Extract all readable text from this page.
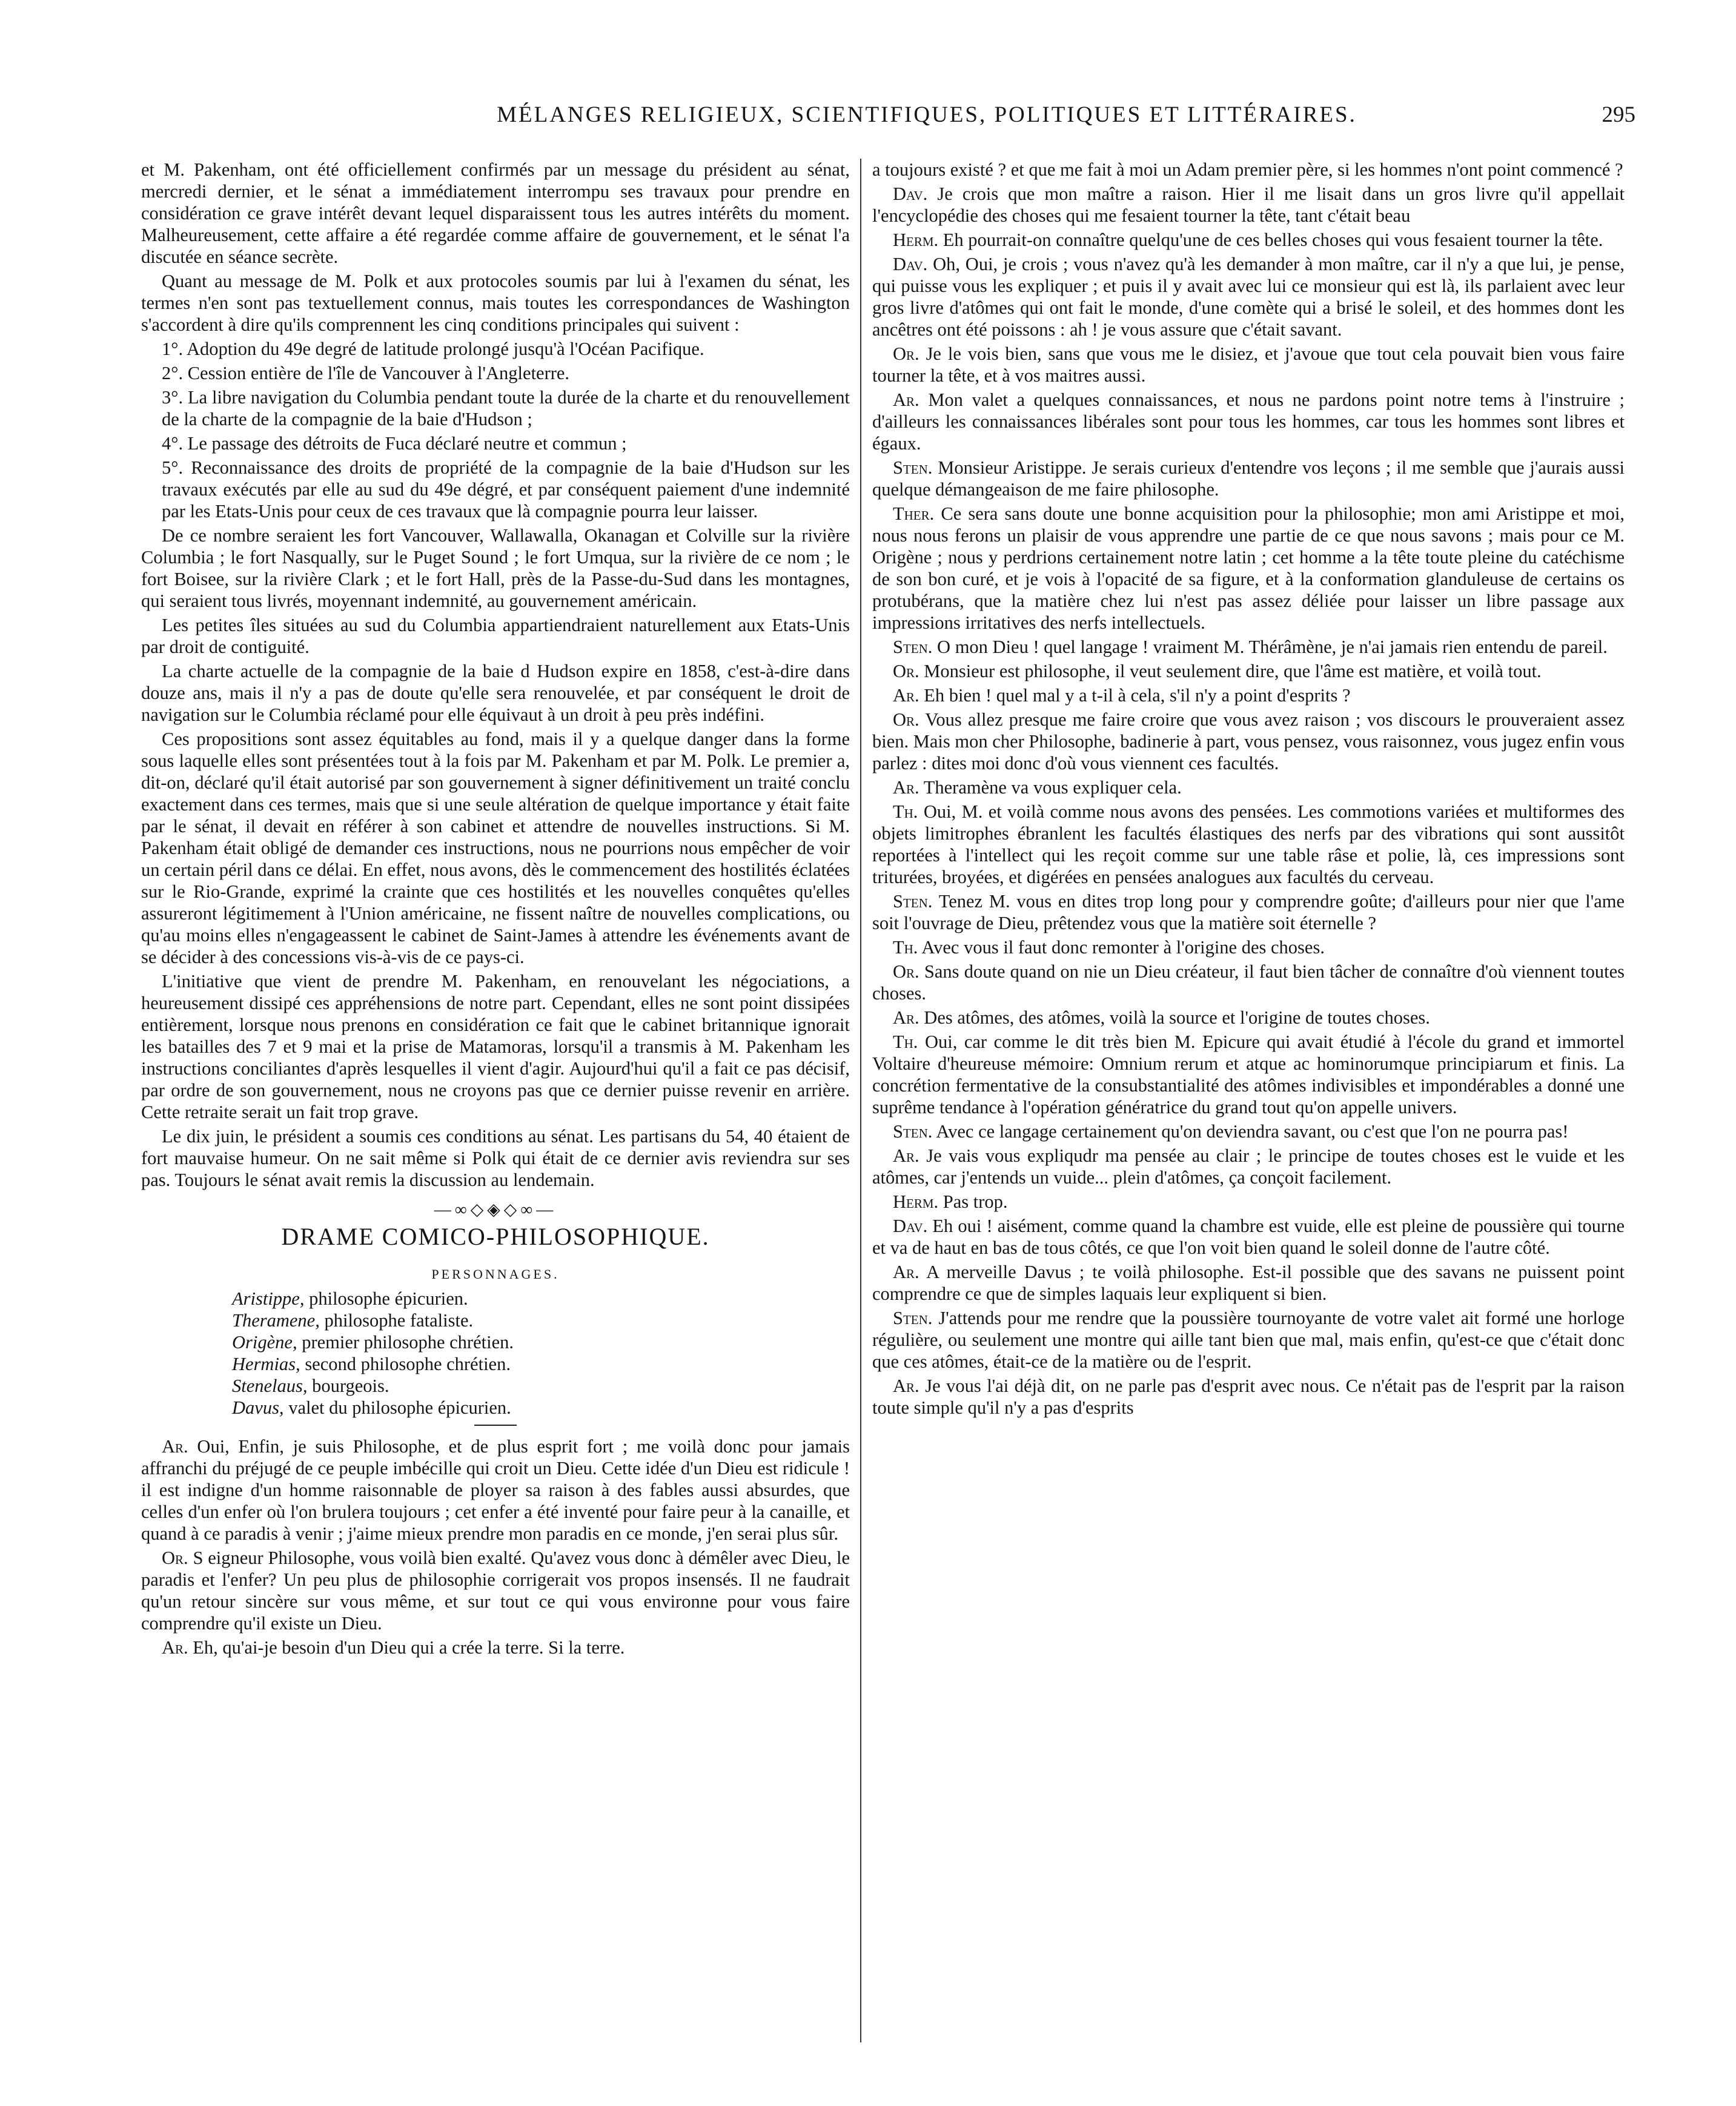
MÉLANGES RELIGIEUX, SCIENTIFIQUES, POLITIQUES ET LITTÉRAIRES.	295

et M. Pakenham, ont été officiellement confirmés par un message du président au sénat, mercredi dernier, et le sénat a immédiatement interrompu ses travaux pour prendre en considération ce grave intérêt devant lequel disparaissent tous les autres intérêts du moment. Malheureusement, cette affaire a été regardée comme affaire de gouvernement, et le sénat l'a discutée en séance secrète.

Quant au message de M. Polk et aux protocoles soumis par lui à l'examen du sénat, les termes n'en sont pas textuellement connus, mais toutes les correspondances de Washington s'accordent à dire qu'ils comprennent les cinq conditions principales qui suivent :

1°. Adoption du 49e degré de latitude prolongé jusqu'à l'Océan Pacifique.

2°. Cession entière de l'île de Vancouver à l'Angleterre.

3°. La libre navigation du Columbia pendant toute la durée de la charte et du renouvellement de la charte de la compagnie de la baie d'Hudson ;

4°. Le passage des détroits de Fuca déclaré neutre et commun ;

5°. Reconnaissance des droits de propriété de la compagnie de la baie d'Hudson sur les travaux exécutés par elle au sud du 49e dégré, et par conséquent paiement d'une indemnité par les Etats-Unis pour ceux de ces travaux que là compagnie pourra leur laisser.

De ce nombre seraient les fort Vancouver, Wallawalla, Okanagan et Colville sur la rivière Columbia ; le fort Nasqually, sur le Puget Sound ; le fort Umqua, sur la rivière de ce nom ; le fort Boisee, sur la rivière Clark ; et le fort Hall, près de la Passe-du-Sud dans les montagnes, qui seraient tous livrés, moyennant indemnité, au gouvernement américain.

Les petites îles situées au sud du Columbia appartiendraient naturellement aux Etats-Unis par droit de contiguité.

La charte actuelle de la compagnie de la baie d Hudson expire en 1858, c'est-à-dire dans douze ans, mais il n'y a pas de doute qu'elle sera renouvelée, et par conséquent le droit de navigation sur le Columbia réclamé pour elle équivaut à un droit à peu près indéfini.

Ces propositions sont assez équitables au fond, mais il y a quelque danger dans la forme sous laquelle elles sont présentées tout à la fois par M. Pakenham et par M. Polk. Le premier a, dit-on, déclaré qu'il était autorisé par son gouvernement à signer définitivement un traité conclu exactement dans ces termes, mais que si une seule altération de quelque importance y était faite par le sénat, il devait en référer à son cabinet et attendre de nouvelles instructions. Si M. Pakenham était obligé de demander ces instructions, nous ne pourrions nous empêcher de voir un certain péril dans ce délai. En effet, nous avons, dès le commencement des hostilités éclatées sur le Rio-Grande, exprimé la crainte que ces hostilités et les nouvelles conquêtes qu'elles assureront légitimement à l'Union américaine, ne fissent naître de nouvelles complications, ou qu'au moins elles n'engageassent le cabinet de Saint-James à attendre les événements avant de se décider à des concessions vis-à-vis de ce pays-ci.

L'initiative que vient de prendre M. Pakenham, en renouvelant les négociations, a heureusement dissipé ces appréhensions de notre part. Cependant, elles ne sont point dissipées entièrement, lorsque nous prenons en considération ce fait que le cabinet britannique ignorait les batailles des 7 et 9 mai et la prise de Matamoras, lorsqu'il a transmis à M. Pakenham les instructions conciliantes d'après lesquelles il vient d'agir. Aujourd'hui qu'il a fait ce pas décisif, par ordre de son gouvernement, nous ne croyons pas que ce dernier puisse revenir en arrière. Cette retraite serait un fait trop grave.

Le dix juin, le président a soumis ces conditions au sénat. Les partisans du 54, 40 étaient de fort mauvaise humeur. On ne sait même si Polk qui était de ce dernier avis reviendra sur ses pas. Toujours le sénat avait remis la discussion au lendemain.

—∞◇◈◇∞—
DRAME COMICO-PHILOSOPHIQUE.
PERSONNAGES.
Aristippe, philosophe épicurien.
Theramene, philosophe fataliste.
Origène, premier philosophe chrétien.
Hermias, second philosophe chrétien.
Stenelaus, bourgeois.
Davus, valet du philosophe épicurien.

Ar. Oui, Enfin, je suis Philosophe, et de plus esprit fort ; me voilà donc pour jamais affranchi du préjugé de ce peuple imbécille qui croit un Dieu. Cette idée d'un Dieu est ridicule ! il est indigne d'un homme raisonnable de ployer sa raison à des fables aussi absurdes, que celles d'un enfer où l'on brulera toujours ; cet enfer a été inventé pour faire peur à la canaille, et quand à ce paradis à venir ; j'aime mieux prendre mon paradis en ce monde, j'en serai plus sûr.

Or. S eigneur Philosophe, vous voilà bien exalté. Qu'avez vous donc à démêler avec Dieu, le paradis et l'enfer? Un peu plus de philosophie corrigerait vos propos insensés. Il ne faudrait qu'un retour sincère sur vous même, et sur tout ce qui vous environne pour vous faire comprendre qu'il existe un Dieu.

Ar. Eh, qu'ai-je besoin d'un Dieu qui a crée la terre. Si la terre.

a toujours existé ? et que me fait à moi un Adam premier père, si les hommes n'ont point commencé ?

Dav. Je crois que mon maître a raison. Hier il me lisait dans un gros livre qu'il appellait l'encyclopédie des choses qui me fesaient tourner la tête, tant c'était beau

Herm. Eh pourrait-on connaître quelqu'une de ces belles choses qui vous fesaient tourner la tête.

Dav. Oh, Oui, je crois ; vous n'avez qu'à les demander à mon maître, car il n'y a que lui, je pense, qui puisse vous les expliquer ; et puis il y avait avec lui ce monsieur qui est là, ils parlaient avec leur gros livre d'atômes qui ont fait le monde, d'une comète qui a brisé le soleil, et des hommes dont les ancêtres ont été poissons : ah ! je vous assure que c'était savant.

Or. Je le vois bien, sans que vous me le disiez, et j'avoue que tout cela pouvait bien vous faire tourner la tête, et à vos maitres aussi.

Ar. Mon valet a quelques connaissances, et nous ne pardons point notre tems à l'instruire ; d'ailleurs les connaissances libérales sont pour tous les hommes, car tous les hommes sont libres et égaux.

Sten. Monsieur Aristippe. Je serais curieux d'entendre vos leçons ; il me semble que j'aurais aussi quelque démangeaison de me faire philosophe.

Ther. Ce sera sans doute une bonne acquisition pour la philosophie; mon ami Aristippe et moi, nous nous ferons un plaisir de vous apprendre une partie de ce que nous savons ; mais pour ce M. Origène ; nous y perdrions certainement notre latin ; cet homme a la tête toute pleine du catéchisme de son bon curé, et je vois à l'opacité de sa figure, et à la conformation glanduleuse de certains os protubérans, que la matière chez lui n'est pas assez déliée pour laisser un libre passage aux impressions irritatives des nerfs intellectuels.

Sten. O mon Dieu ! quel langage ! vraiment M. Thérâmène, je n'ai jamais rien entendu de pareil.

Or. Monsieur est philosophe, il veut seulement dire, que l'âme est matière, et voilà tout.

Ar. Eh bien ! quel mal y a t-il à cela, s'il n'y a point d'esprits ?

Or. Vous allez presque me faire croire que vous avez raison ; vos discours le prouveraient assez bien. Mais mon cher Philosophe, badinerie à part, vous pensez, vous raisonnez, vous jugez enfin vous parlez : dites moi donc d'où vous viennent ces facultés.

Ar. Theramène va vous expliquer cela.

Th. Oui, M. et voilà comme nous avons des pensées. Les commotions variées et multiformes des objets limitrophes ébranlent les facultés élastiques des nerfs par des vibrations qui sont aussitôt reportées à l'intellect qui les reçoit comme sur une table râse et polie, là, ces impressions sont triturées, broyées, et digérées en pensées analogues aux facultés du cerveau.

Sten. Tenez M. vous en dites trop long pour y comprendre goûte; d'ailleurs pour nier que l'ame soit l'ouvrage de Dieu, prêtendez vous que la matière soit éternelle ?

Th. Avec vous il faut donc remonter à l'origine des choses.

Or. Sans doute quand on nie un Dieu créateur, il faut bien tâcher de connaître d'où viennent toutes choses.

Ar. Des atômes, des atômes, voilà la source et l'origine de toutes choses.

Th. Oui, car comme le dit très bien M. Epicure qui avait étudié à l'école du grand et immortel Voltaire d'heureuse mémoire: Omnium rerum et atque ac hominorumque principiarum et finis. La concrétion fermentative de la consubstantialité des atômes indivisibles et impondérables a donné une suprême tendance à l'opération génératrice du grand tout qu'on appelle univers.

Sten. Avec ce langage certainement qu'on deviendra savant, ou c'est que l'on ne pourra pas!

Ar. Je vais vous expliqudr ma pensée au clair ; le principe de toutes choses est le vuide et les atômes, car j'entends un vuide... plein d'atômes, ça conçoit facilement.

Herm. Pas trop.

Dav. Eh oui ! aisément, comme quand la chambre est vuide, elle est pleine de poussière qui tourne et va de haut en bas de tous côtés, ce que l'on voit bien quand le soleil donne de l'autre côté.

Ar. A merveille Davus ; te voilà philosophe. Est-il possible que des savans ne puissent point comprendre ce que de simples laquais leur expliquent si bien.

Sten. J'attends pour me rendre que la poussière tournoyante de votre valet ait formé une horloge régulière, ou seulement une montre qui aille tant bien que mal, mais enfin, qu'est-ce que c'était donc que ces atômes, était-ce de la matière ou de l'esprit.

Ar. Je vous l'ai déjà dit, on ne parle pas d'esprit avec nous. Ce n'était pas de l'esprit par la raison toute simple qu'il n'y a pas d'esprits
